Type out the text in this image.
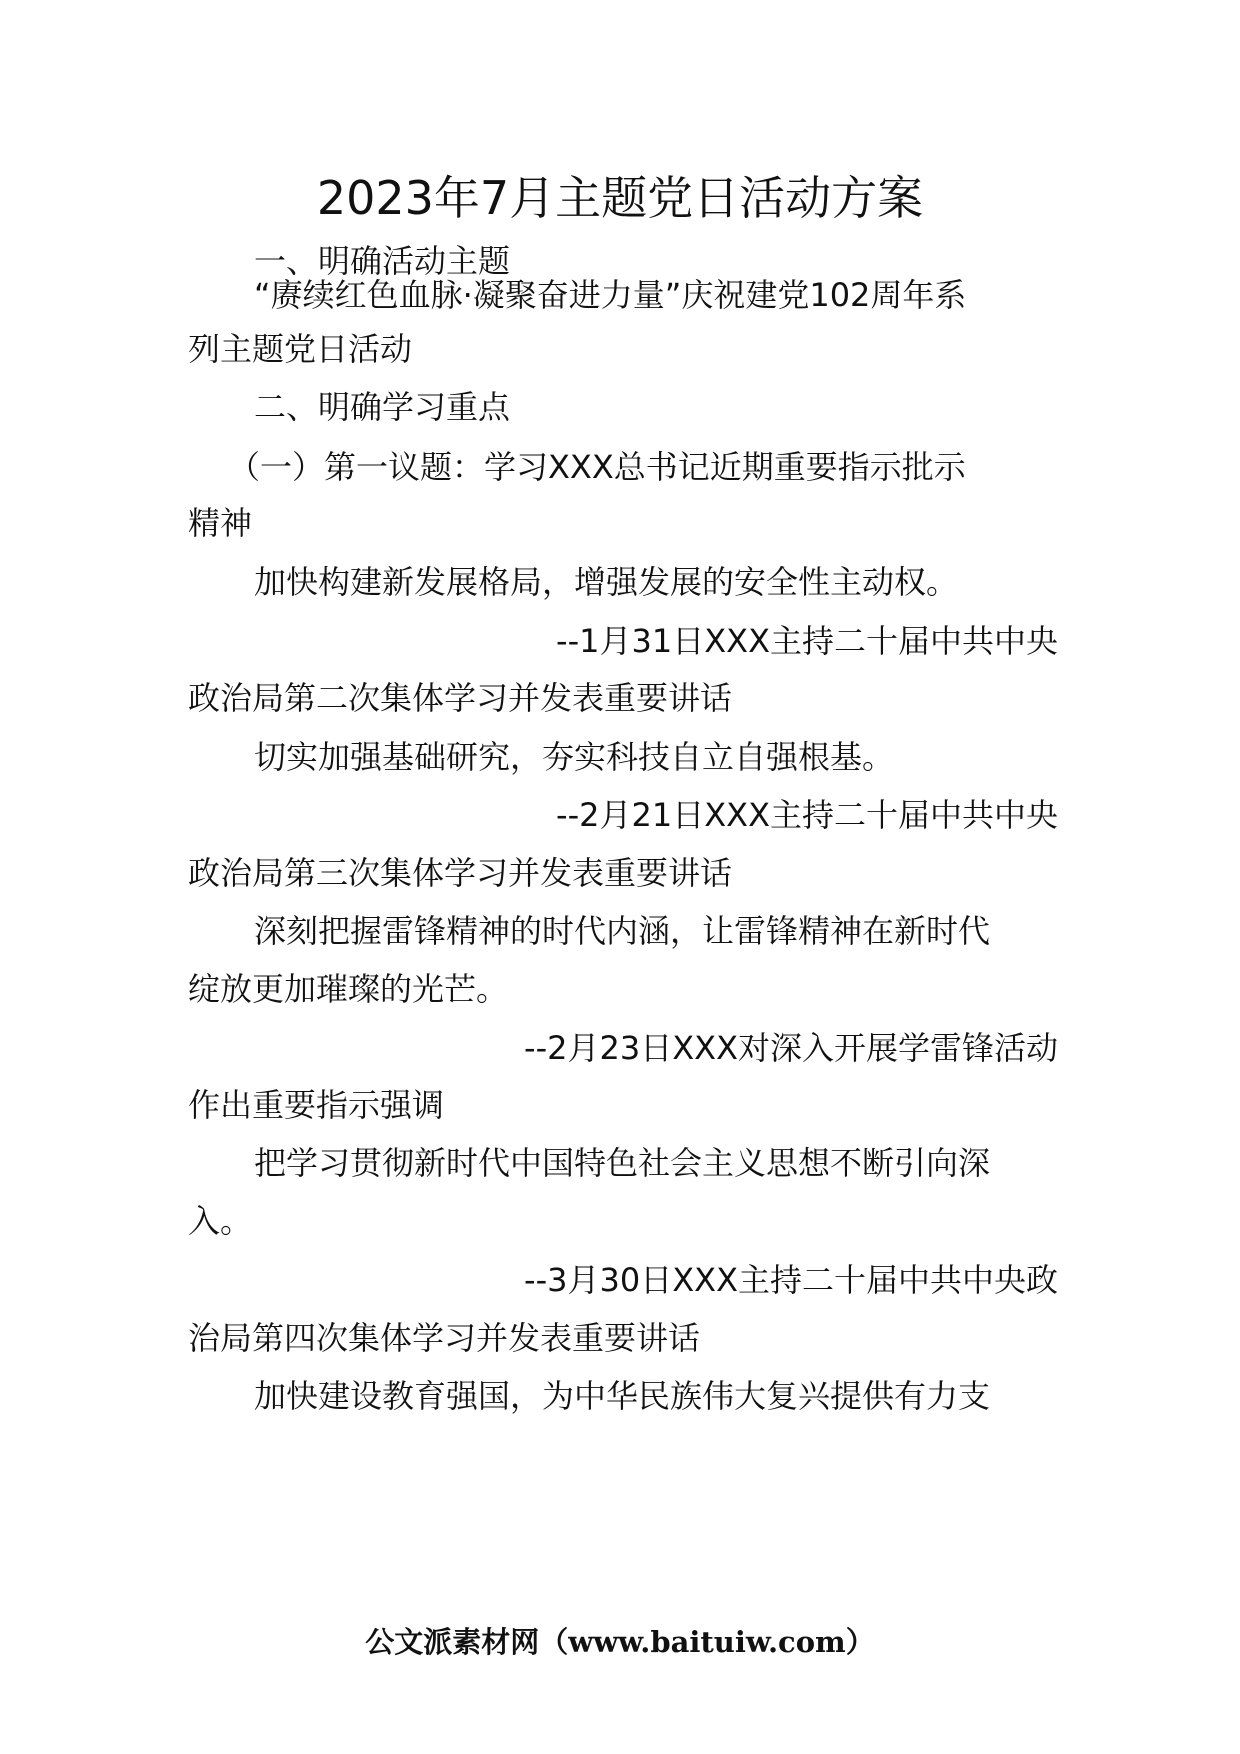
2023年7月主题党日活动方案
一、明确活动主题
“赓续红色血脉·凝聚奋进力量”庆祝建党102周年系
列主题党日活动
二、明确学习重点
（一）第一议题：学习XXX总书记近期重要指示批示
精神
加快构建新发展格局，增强发展的安全性主动权。
--1月31日XXX主持二十届中共中央
政治局第二次集体学习并发表重要讲话
切实加强基础研究，夯实科技自立自强根基。
--2月21日XXX主持二十届中共中央
政治局第三次集体学习并发表重要讲话
深刻把握雷锋精神的时代内涵，让雷锋精神在新时代
绽放更加璀璨的光芒。
--2月23日XXX对深入开展学雷锋活动
作出重要指示强调
把学习贯彻新时代中国特色社会主义思想不断引向深
入。
--3月30日XXX主持二十届中共中央政
治局第四次集体学习并发表重要讲话
加快建设教育强国，为中华民族伟大复兴提供有力支
公文派素材网（www.baituiw.com）
